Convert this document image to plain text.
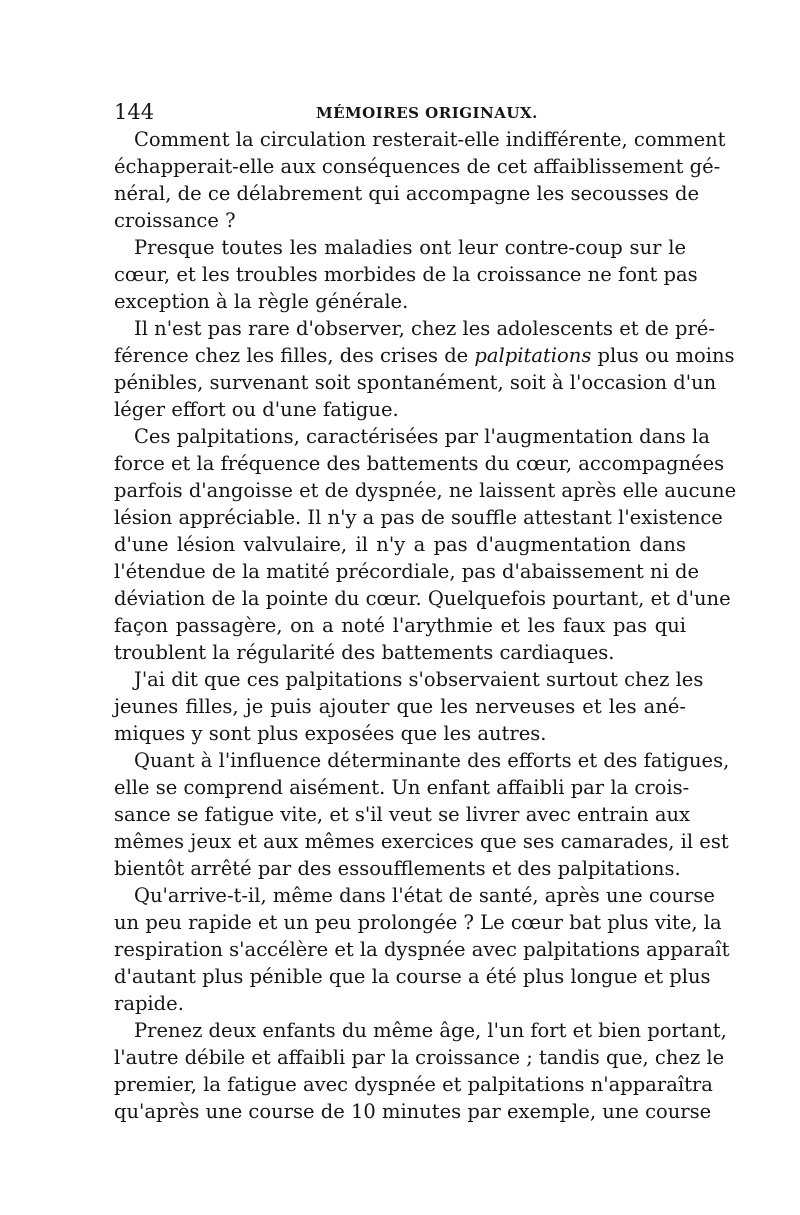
144	MÉMOIRES ORIGINAUX.
Comment la circulation resterait-elle indifférente, comment
échapperait-elle aux conséquences de cet affaiblissement gé-
néral, de ce délabrement qui accompagne les secousses de
croissance ?
Presque toutes les maladies ont leur contre-coup sur le
cœur, et les troubles morbides de la croissance ne font pas
exception à la règle générale.
Il n'est pas rare d'observer, chez les adolescents et de pré-
férence chez les filles, des crises de palpitations plus ou moins
pénibles, survenant soit spontanément, soit à l'occasion d'un
léger effort ou d'une fatigue.
Ces palpitations, caractérisées par l'augmentation dans la
force et la fréquence des battements du cœur, accompagnées
parfois d'angoisse et de dyspnée, ne laissent après elle aucune
lésion appréciable. Il n'y a pas de souffle attestant l'existence
d'une lésion valvulaire, il n'y a pas d'augmentation dans
l'étendue de la matité précordiale, pas d'abaissement ni de
déviation de la pointe du cœur. Quelquefois pourtant, et d'une
façon passagère, on a noté l'arythmie et les faux pas qui
troublent la régularité des battements cardiaques.
J'ai dit que ces palpitations s'observaient surtout chez les
jeunes filles, je puis ajouter que les nerveuses et les ané-
miques y sont plus exposées que les autres.
Quant à l'influence déterminante des efforts et des fatigues,
elle se comprend aisément. Un enfant affaibli par la crois-
sance se fatigue vite, et s'il veut se livrer avec entrain aux
mêmes jeux et aux mêmes exercices que ses camarades, il est
bientôt arrêté par des essoufflements et des palpitations.
Qu'arrive-t-il, même dans l'état de santé, après une course
un peu rapide et un peu prolongée ? Le cœur bat plus vite, la
respiration s'accélère et la dyspnée avec palpitations apparaît
d'autant plus pénible que la course a été plus longue et plus
rapide.
Prenez deux enfants du même âge, l'un fort et bien portant,
l'autre débile et affaibli par la croissance ; tandis que, chez le
premier, la fatigue avec dyspnée et palpitations n'apparaîtra
qu'après une course de 10 minutes par exemple, une course
